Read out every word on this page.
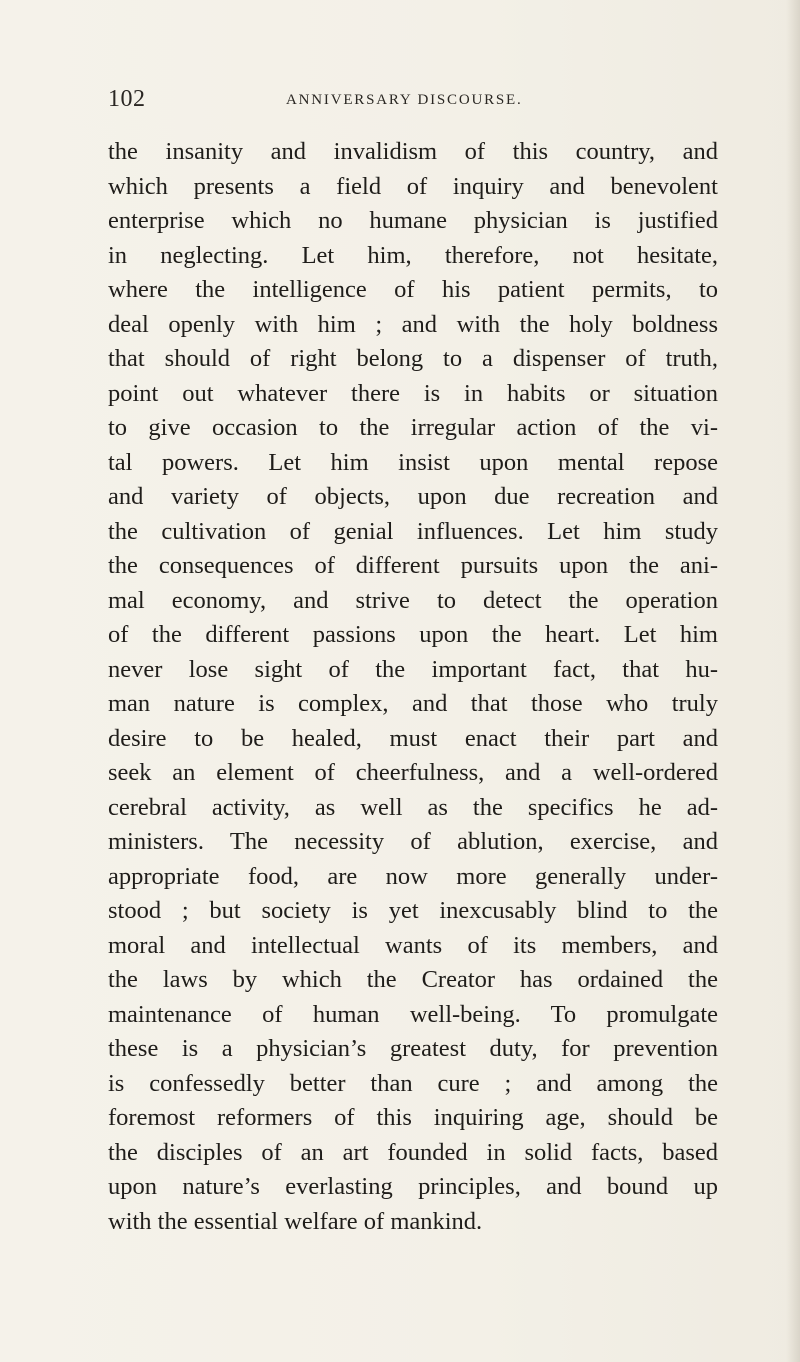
102	ANNIVERSARY DISCOURSE.
the insanity and invalidism of this country, and
which presents a field of inquiry and benevolent
enterprise which no humane physician is justified
in neglecting. Let him, therefore, not hesitate,
where the intelligence of his patient permits, to
deal openly with him ; and with the holy boldness
that should of right belong to a dispenser of truth,
point out whatever there is in habits or situation
to give occasion to the irregular action of the vi-
tal powers. Let him insist upon mental repose
and variety of objects, upon due recreation and
the cultivation of genial influences. Let him study
the consequences of different pursuits upon the ani-
mal economy, and strive to detect the operation
of the different passions upon the heart. Let him
never lose sight of the important fact, that hu-
man nature is complex, and that those who truly
desire to be healed, must enact their part and
seek an element of cheerfulness, and a well-ordered
cerebral activity, as well as the specifics he ad-
ministers. The necessity of ablution, exercise, and
appropriate food, are now more generally under-
stood ; but society is yet inexcusably blind to the
moral and intellectual wants of its members, and
the laws by which the Creator has ordained the
maintenance of human well-being. To promulgate
these is a physician’s greatest duty, for prevention
is confessedly better than cure ; and among the
foremost reformers of this inquiring age, should be
the disciples of an art founded in solid facts, based
upon nature’s everlasting principles, and bound up
with the essential welfare of mankind.
